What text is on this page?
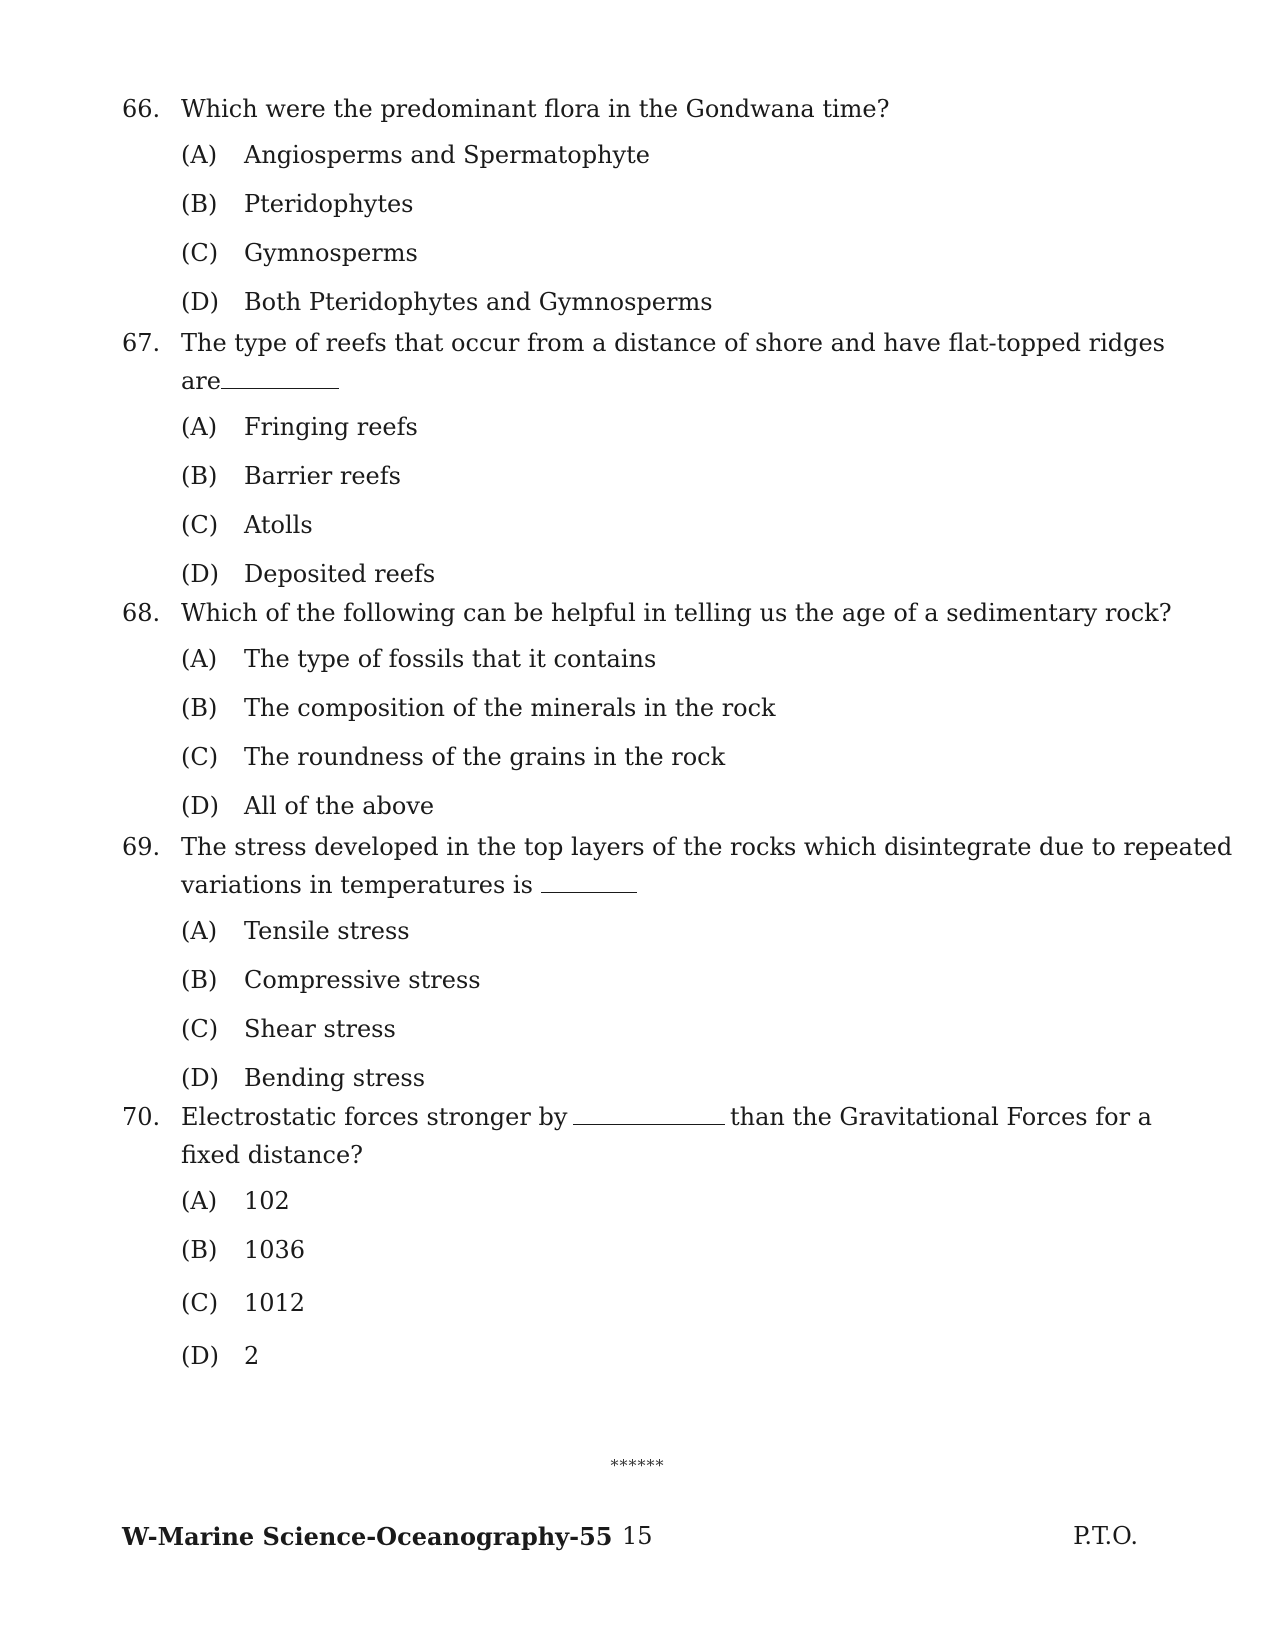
66. Which were the predominant flora in the Gondwana time?
(A) Angiosperms and Spermatophyte
(B) Pteridophytes
(C) Gymnosperms
(D) Both Pteridophytes and Gymnosperms
67. The type of reefs that occur from a distance of shore and have flat-topped ridges
are
(A) Fringing reefs
(B) Barrier reefs
(C) Atolls
(D) Deposited reefs
68. Which of the following can be helpful in telling us the age of a sedimentary rock?
(A) The type of fossils that it contains
(B) The composition of the minerals in the rock
(C) The roundness of the grains in the rock
(D) All of the above
69. The stress developed in the top layers of the rocks which disintegrate due to repeated
variations in temperatures is
(A) Tensile stress
(B) Compressive stress
(C) Shear stress
(D) Bending stress
70. Electrostatic forces stronger by	than the Gravitational Forces for a
fixed distance?
(A) 102
(B) 1036
(C) 1012
(D) 2
******
W-Marine Science-Oceanography-55 15	P.T.O.
